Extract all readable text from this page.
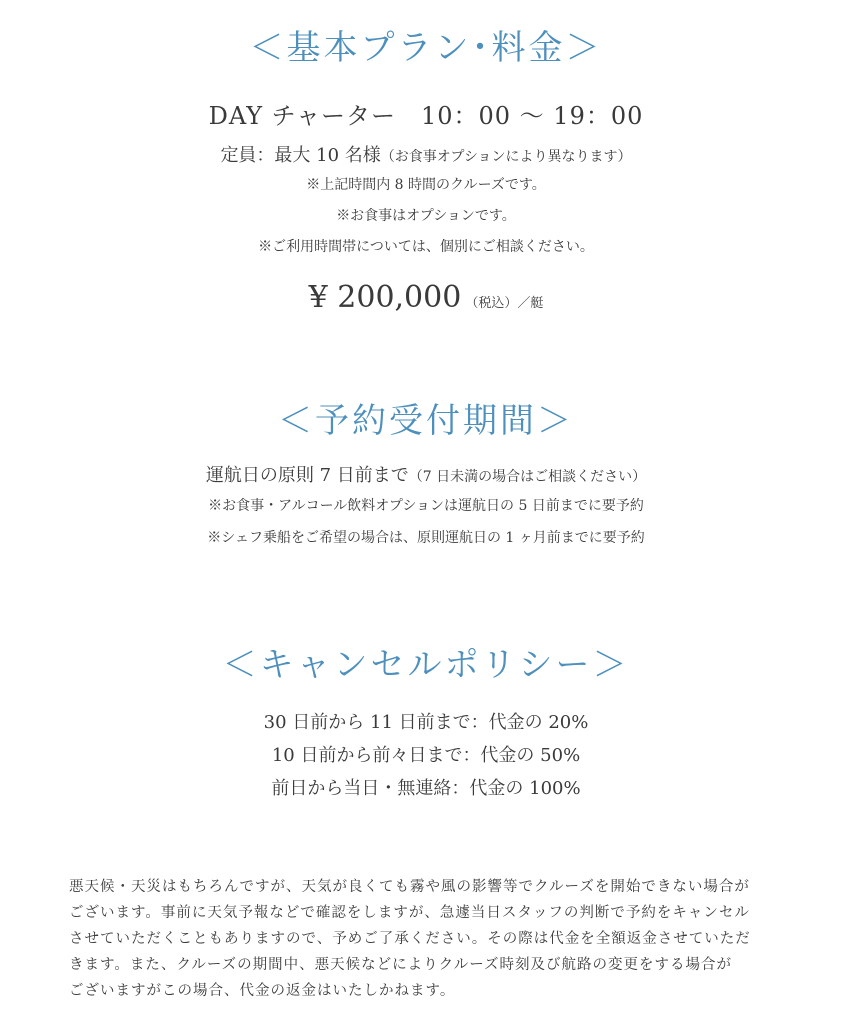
＜基本プラン･料金＞
DAY チャーター　10：00 〜 19：00
定員：最大 10 名様（お食事オプションにより異なります）
※上記時間内 8 時間のクルーズです。
※お食事はオプションです。
※ご利用時間帯については、個別にご相談ください。
¥ 200,000 （税込）／艇
＜予約受付期間＞
運航日の原則 7 日前まで（7 日未満の場合はご相談ください）
※お食事・アルコール飲料オプションは運航日の 5 日前までに要予約
※シェフ乗船をご希望の場合は、原則運航日の 1 ヶ月前までに要予約
＜キャンセルポリシー＞
30 日前から 11 日前まで：代金の 20%
10 日前から前々日まで：代金の 50%
前日から当日・無連絡：代金の 100%
悪天候・天災はもちろんですが、天気が良くても霧や風の影響等でクルーズを開始できない場合が
ございます。事前に天気予報などで確認をしますが、急遽当日スタッフの判断で予約をキャンセル
させていただくこともありますので、予めご了承ください。その際は代金を全額返金させていただ
きます。また、クルーズの期間中、悪天候などによりクルーズ時刻及び航路の変更をする場合が
ございますがこの場合、代金の返金はいたしかねます。
